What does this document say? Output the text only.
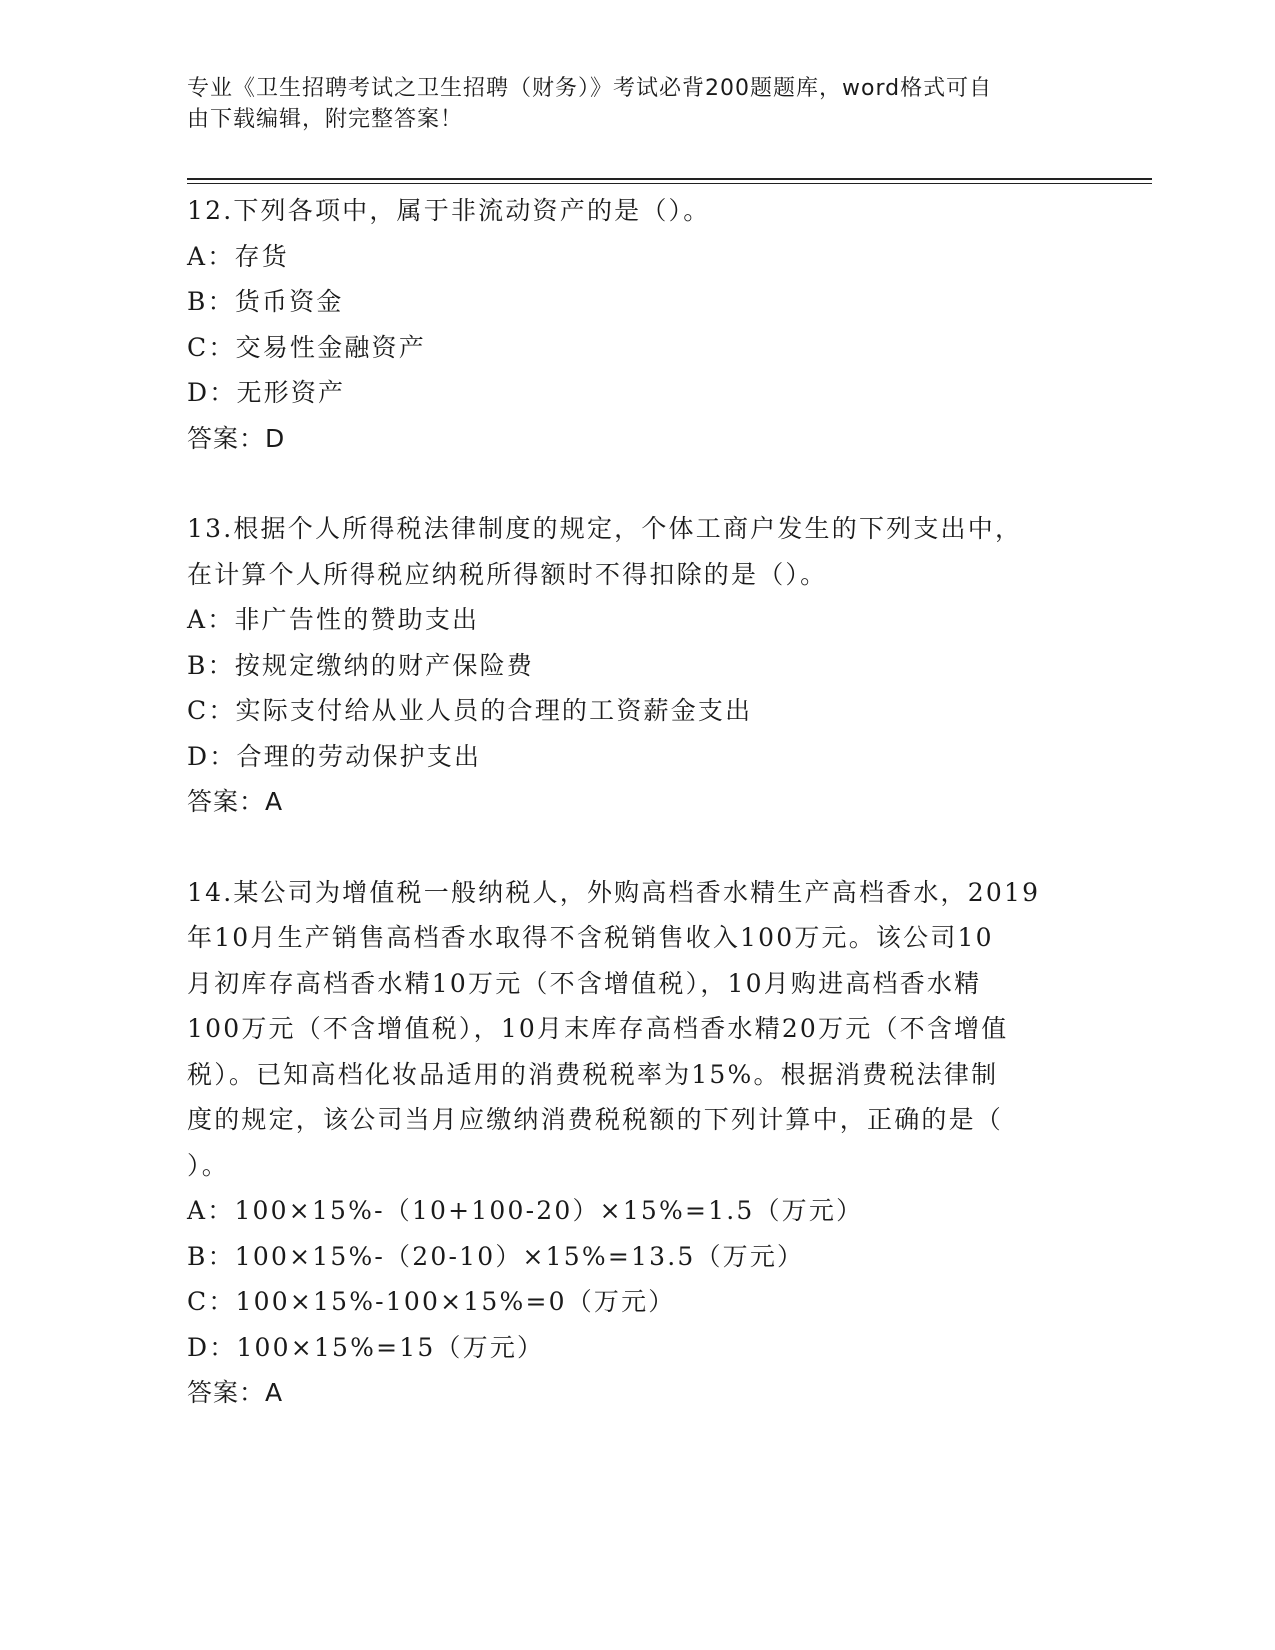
专业《卫生招聘考试之卫生招聘（财务）》考试必背200题题库，word格式可自
由下载编辑，附完整答案！
12.下列各项中，属于非流动资产的是（）。
A：存货
B：货币资金
C：交易性金融资产
D：无形资产
答案：D
13.根据个人所得税法律制度的规定，个体工商户发生的下列支出中，
在计算个人所得税应纳税所得额时不得扣除的是（）。
A：非广告性的赞助支出
B：按规定缴纳的财产保险费
C：实际支付给从业人员的合理的工资薪金支出
D：合理的劳动保护支出
答案：A
14.某公司为增值税一般纳税人，外购高档香水精生产高档香水，2019
年10月生产销售高档香水取得不含税销售收入100万元。该公司10
月初库存高档香水精10万元（不含增值税），10月购进高档香水精
100万元（不含增值税），10月末库存高档香水精20万元（不含增值
税）。已知高档化妆品适用的消费税税率为15%。根据消费税法律制
度的规定，该公司当月应缴纳消费税税额的下列计算中，正确的是（
）。
A：100×15%-（10+100-20）×15%=1.5（万元）
B：100×15%-（20-10）×15%=13.5（万元）
C：100×15%-100×15%=0（万元）
D：100×15%=15（万元）
答案：A
